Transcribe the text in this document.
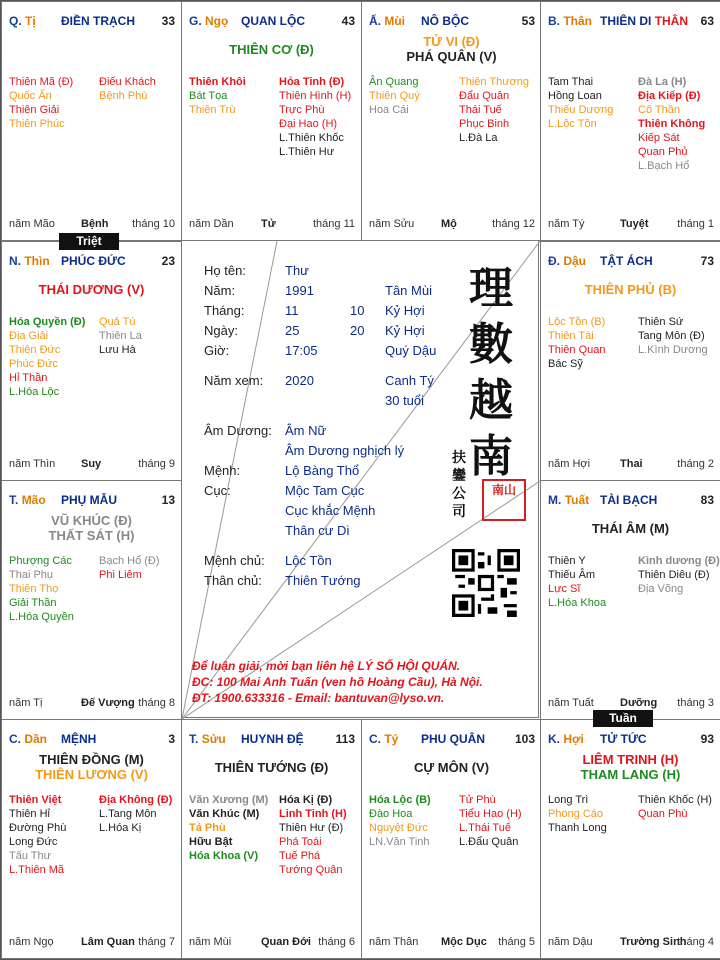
Q. Tị ĐIỀN TRẠCH 33
Thiên Mã (Đ)
Quốc Ấn
Thiên Giải
Thiên Phúc
Điếu Khách
Bệnh Phù
năm Mão Bệnh tháng 10
G. Ngọ QUAN LỘC	43
THIÊN CƠ (Đ)
Thiên Khôi
Bát Tọa
Thiên Trù
Hỏa Tinh (Đ)
Thiên Hình (H)
Trực Phù
Đại Hao (H)
L.Thiên Khốc
L.Thiên Hư
năm Dần Tử	tháng 11
Ấ. Mùi NÔ BỘC	53
TỬ VI (Đ)
PHÁ QUÂN (V)
Ân Quang
Thiên Quý
Hoa Cái
Thiên Thương
Đẩu Quân
Thái Tuế
Phục Binh
L.Đà La
năm Sửu Mộ	tháng 12
B. Thân THIÊN DI THÂN 63
Tam Thai
Hồng Loan
Thiếu Dương
L.Lộc Tồn
Đà La (H)
Địa Kiếp (Đ)
Cô Thần
Thiên Không
Kiếp Sát
Quan Phủ
L.Bạch Hổ
năm Tý	Tuyệt	tháng 1
N. Thìn PHÚC ĐỨC	23
THÁI DƯƠNG (V)
Hóa Quyền (Đ)
Địa Giải
Thiên Đức
Phúc Đức
Hỉ Thần
L.Hóa Lộc
Quả Tú
Thiên La
Lưu Hà
năm Thìn Suy	tháng 9
Đ. Dậu TẬT ÁCH	73
THIÊN PHỦ (B)
Lộc Tồn (B)
Thiên Tài
Thiên Quan
Bác Sỹ
Thiên Sứ
Tang Môn (Đ)
L.Kình Dương
năm Hợi	Thai	tháng 2
T. Mão PHỤ MẪU	13
VŨ KHÚC (Đ)
THẤT SÁT (H)
Phượng Các
Thai Phụ
Thiên Thọ
Giải Thần
L.Hóa Quyền
Bạch Hổ (Đ)
Phi Liêm
năm Tị	Đế Vượng tháng 8
M. Tuất TÀI BẠCH	83
THÁI ÂM (M)
Thiên Y
Thiếu Âm
Lực Sĩ
L.Hóa Khoa
Kình dương (Đ)
Thiên Diêu (Đ)
Địa Võng
năm Tuất Dưỡng tháng 3
C. Dần MỆNH	3
THIÊN ĐỒNG (M)
THIÊN LƯƠNG (V)
Thiên Việt
Thiên Hỉ
Đường Phù
Long Đức
Tấu Thư
L.Thiên Mã
Địa Không (Đ)
L.Tang Môn
L.Hóa Kị
năm Ngọ Lâm Quan tháng 7
T. Sửu HUYNH ĐỆ	113
THIÊN TƯỚNG (Đ)
Văn Xương (M)
Văn Khúc (M)
Tả Phù
Hữu Bật
Hóa Khoa (V)
Hóa Kị (Đ)
Linh Tinh (H)
Thiên Hư (Đ)
Phá Toái
Tuế Phá
Tướng Quân
năm Mùi	Quan Đới tháng 6
C. Tý PHU QUÂN 103
CỰ MÔN (V)
Hóa Lộc (B)
Đào Hoa
Nguyệt Đức
LN.Văn Tinh
Tử Phù
Tiểu Hao (H)
L.Thái Tuế
L.Đẩu Quân
năm Thân Mộc Dục tháng 5
K. Hợi TỬ TỨC	93
LIÊM TRINH (H)
THAM LANG (H)
Long Trì
Phong Cáo
Thanh Long
Thiên Khốc (H)
Quan Phù
năm Dậu Trường Sinh
tháng 4
Họ tên:	Thư
Năm:	1991	Tân Mùi
Tháng:	11	10 Kỷ Hợi
Ngày:	25	20 Kỷ Hợi
Giờ:	17:05	Quý Dậu
Năm xem: 2020	Canh Tý
30 tuổi
Âm Dương: Âm Nữ
Âm Dương nghịch lý
Mệnh:	Lộ Bàng Thổ
Cục:	Mộc Tam Cục
Cục khắc Mệnh
Thân cư Di
Mệnh chủ: Lộc Tồn
Thân chủ: Thiên Tướng
理數越南
扶鑾公司
南山
Để luận giải, mời bạn liên hệ LÝ SỐ HỘI QUÁN.
ĐC: 100 Mai Anh Tuấn (ven hồ Hoàng Cầu), Hà Nội.
ĐT: 1900.633316 - Email: bantuvan@lyso.vn.
Triệt
Tuần
